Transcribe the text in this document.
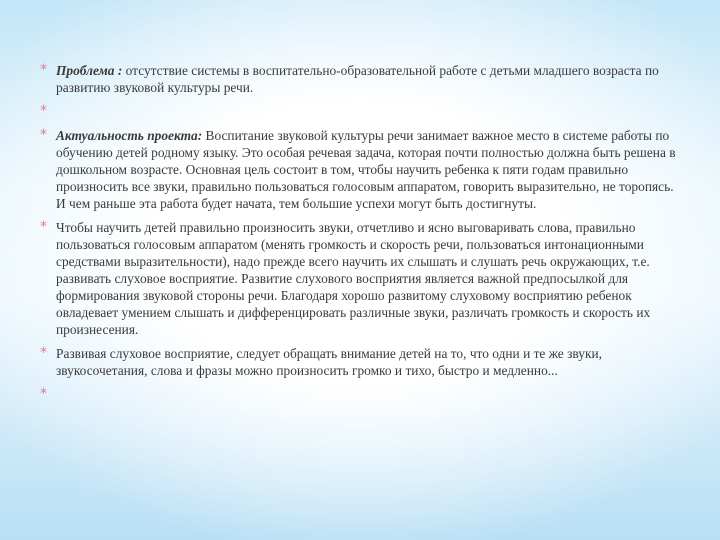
* Проблема : отсутствие системы в воспитательно-образовательной работе с детьми младшего возраста по развитию звуковой культуры речи.
*
* Актуальность проекта: Воспитание звуковой культуры речи занимает важное место в системе работы по обучению детей родному языку. Это особая речевая задача, которая почти полностью должна быть решена в дошкольном возрасте. Основная цель состоит в том, чтобы научить ребенка к пяти годам правильно произносить все звуки, правильно пользоваться голосовым аппаратом, говорить выразительно, не торопясь. И чем раньше эта работа будет начата, тем большие успехи могут быть достигнуты.
* Чтобы научить детей правильно произносить звуки, отчетливо и ясно выговаривать слова, правильно пользоваться голосовым аппаратом (менять громкость и скорость речи, пользоваться интонационными средствами выразительности), надо прежде всего научить их слышать и слушать речь окружающих, т.е. развивать слуховое восприятие. Развитие слухового восприятия является важной предпосылкой для формирования звуковой стороны речи. Благодаря хорошо развитому слуховому восприятию ребенок овладевает умением слышать и дифференцировать различные звуки, различать громкость и скорость их произнесения.
* Развивая слуховое восприятие, следует обращать внимание детей на то, что одни и те же звуки, звукосочетания, слова и фразы можно произносить громко и тихо, быстро и медленно...
*
